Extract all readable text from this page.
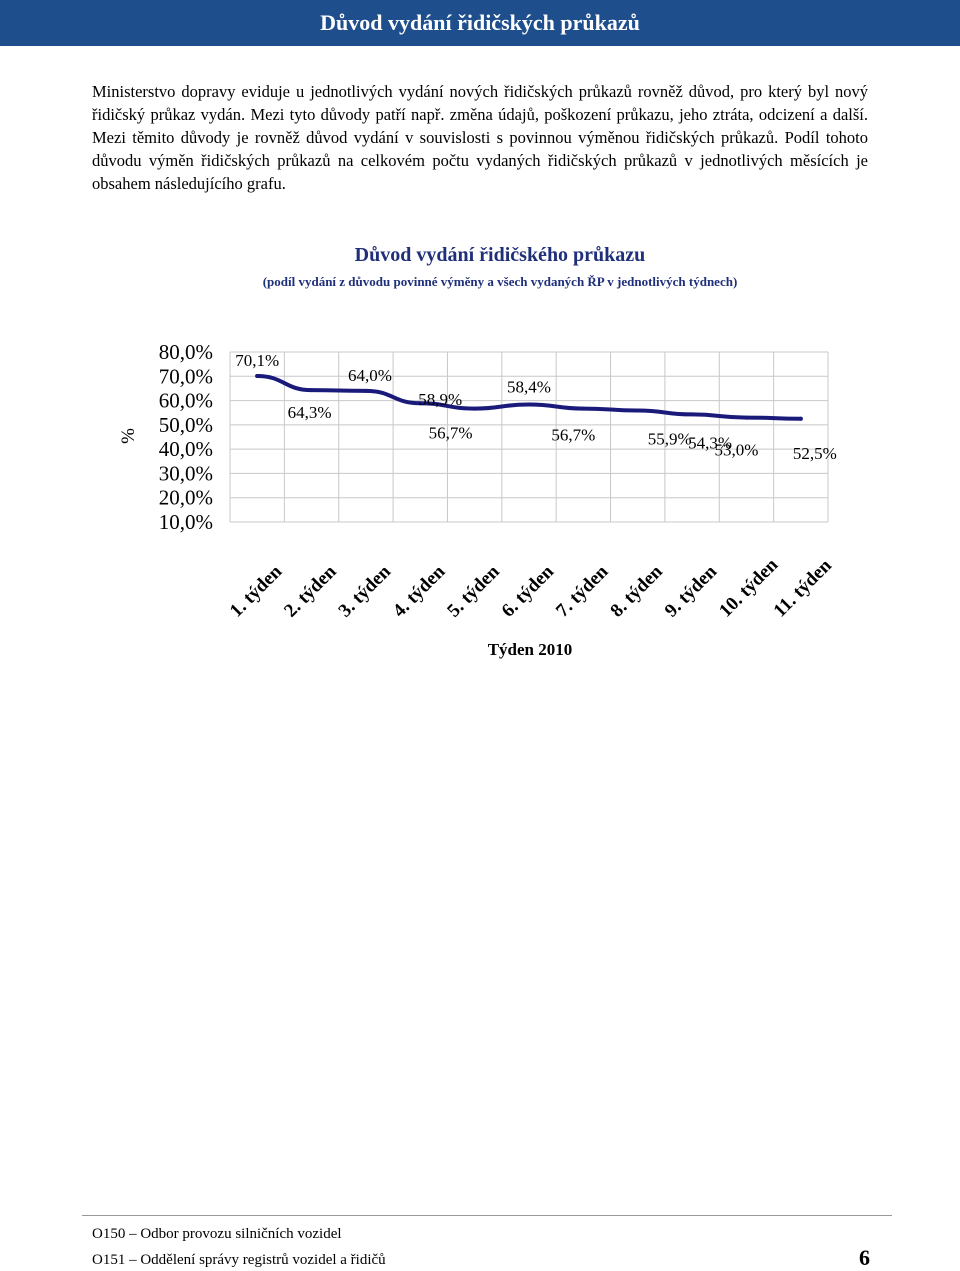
Důvod vydání řidičských průkazů

Ministerstvo dopravy eviduje u jednotlivých vydání nových řidičských průkazů rovněž důvod, pro který byl nový řidičský průkaz vydán. Mezi tyto důvody patří např. změna údajů, poškození průkazu, jeho ztráta, odcizení a další. Mezi těmito důvody je rovněž důvod vydání v souvislosti s povinnou výměnou řidičských průkazů. Podíl tohoto důvodu výměn řidičských průkazů na celkovém počtu vydaných řidičských průkazů v jednotlivých měsících je obsahem následujícího grafu.

Důvod vydání řidičského průkazu
(podíl vydání z důvodu povinné výměny a všech vydaných ŘP v jednotlivých týdnech)
80,0%
70,0%
60,0%
50,0%
40,0%
30,0%
20,0%
10,0%
%
70,1%
64,3%
64,0%
58,9%
56,7%
58,4%
56,7%	55,9%
54,3%
53,0% 52,5%
1. týden
2. týden
3. týden
4. týden
5. týden
6. týden
7. týden
8. týden
9. týden
10. týden
11. týden
Týden 2010
O150 – Odbor provozu silničních vozidel
O151 – Oddělení správy registrů vozidel a řidičů	6
